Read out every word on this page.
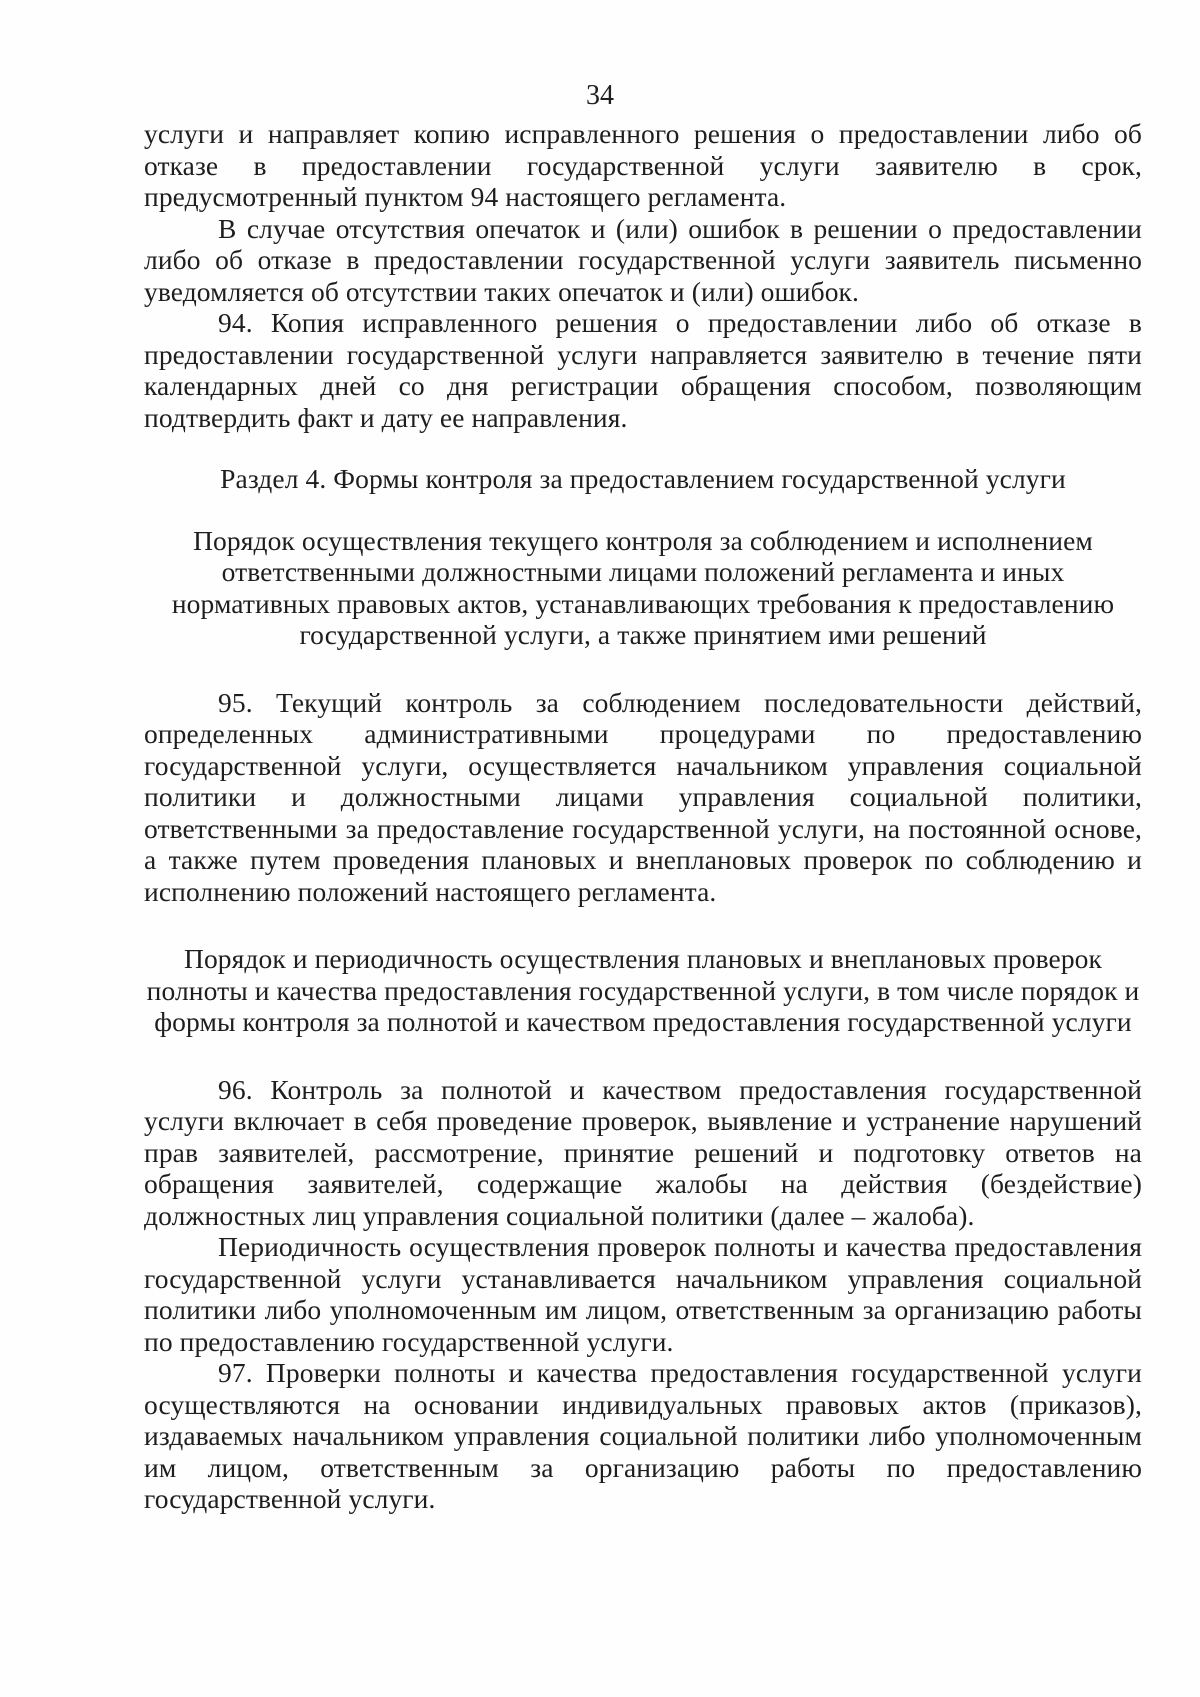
34

услуги и направляет копию исправленного решения о предоставлении либо об отказе в предоставлении государственной услуги заявителю в срок, предусмотренный пунктом 94 настоящего регламента.

В случае отсутствия опечаток и (или) ошибок в решении о предоставлении либо об отказе в предоставлении государственной услуги заявитель письменно уведомляется об отсутствии таких опечаток и (или) ошибок.

94. Копия исправленного решения о предоставлении либо об отказе в предоставлении государственной услуги направляется заявителю в течение пяти календарных дней со дня регистрации обращения способом, позволяющим подтвердить факт и дату ее направления.

Раздел 4. Формы контроля за предоставлением государственной услуги

Порядок осуществления текущего контроля за соблюдением и исполнением ответственными должностными лицами положений регламента и иных нормативных правовых актов, устанавливающих требования к предоставлению государственной услуги, а также принятием ими решений

95. Текущий контроль за соблюдением последовательности действий, определенных административными процедурами по предоставлению государственной услуги, осуществляется начальником управления социальной политики и должностными лицами управления социальной политики, ответственными за предоставление государственной услуги, на постоянной основе, а также путем проведения плановых и внеплановых проверок по соблюдению и исполнению положений настоящего регламента.

Порядок и периодичность осуществления плановых и внеплановых проверок полноты и качества предоставления государственной услуги, в том числе порядок и формы контроля за полнотой и качеством предоставления государственной услуги

96. Контроль за полнотой и качеством предоставления государственной услуги включает в себя проведение проверок, выявление и устранение нарушений прав заявителей, рассмотрение, принятие решений и подготовку ответов на обращения заявителей, содержащие жалобы на действия (бездействие) должностных лиц управления социальной политики (далее – жалоба).

Периодичность осуществления проверок полноты и качества предоставления государственной услуги устанавливается начальником управления социальной политики либо уполномоченным им лицом, ответственным за организацию работы по предоставлению государственной услуги.

97. Проверки полноты и качества предоставления государственной услуги осуществляются на основании индивидуальных правовых актов (приказов), издаваемых начальником управления социальной политики либо уполномоченным им лицом, ответственным за организацию работы по предоставлению государственной услуги.
